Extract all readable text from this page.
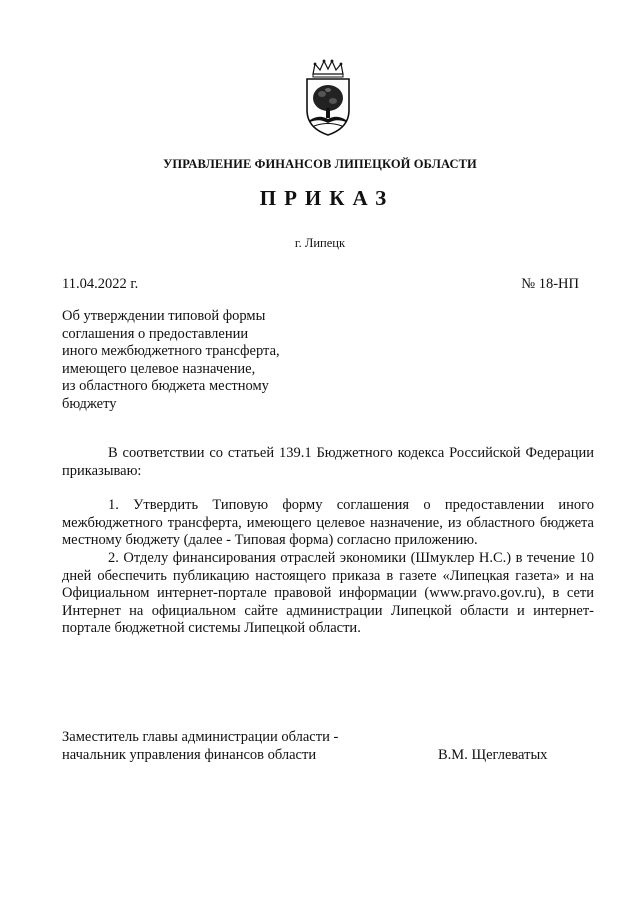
УПРАВЛЕНИЕ ФИНАНСОВ ЛИПЕЦКОЙ ОБЛАСТИ
ПРИКАЗ
г. Липецк
11.04.2022 г.	№ 18-НП
Об утверждении типовой формы
соглашения о предоставлении
иного межбюджетного трансферта,
имеющего целевое назначение,
из областного бюджета местному
бюджету

В соответствии со статьей 139.1 Бюджетного кодекса Российской Федерации приказываю:

1. Утвердить Типовую форму соглашения о предоставлении иного межбюджетного трансферта, имеющего целевое назначение, из областного бюджета местному бюджету (далее - Типовая форма) согласно приложению.

2. Отделу финансирования отраслей экономики (Шмуклер Н.С.) в течение 10 дней обеспечить публикацию настоящего приказа в газете «Липецкая газета» и на Официальном интернет-портале правовой информации (www.pravo.gov.ru), в сети Интернет на официальном сайте администрации Липецкой области и интернет-портале бюджетной системы Липецкой области.

Заместитель главы администрации области -
начальник управления финансов области	В.М. Щеглеватых
